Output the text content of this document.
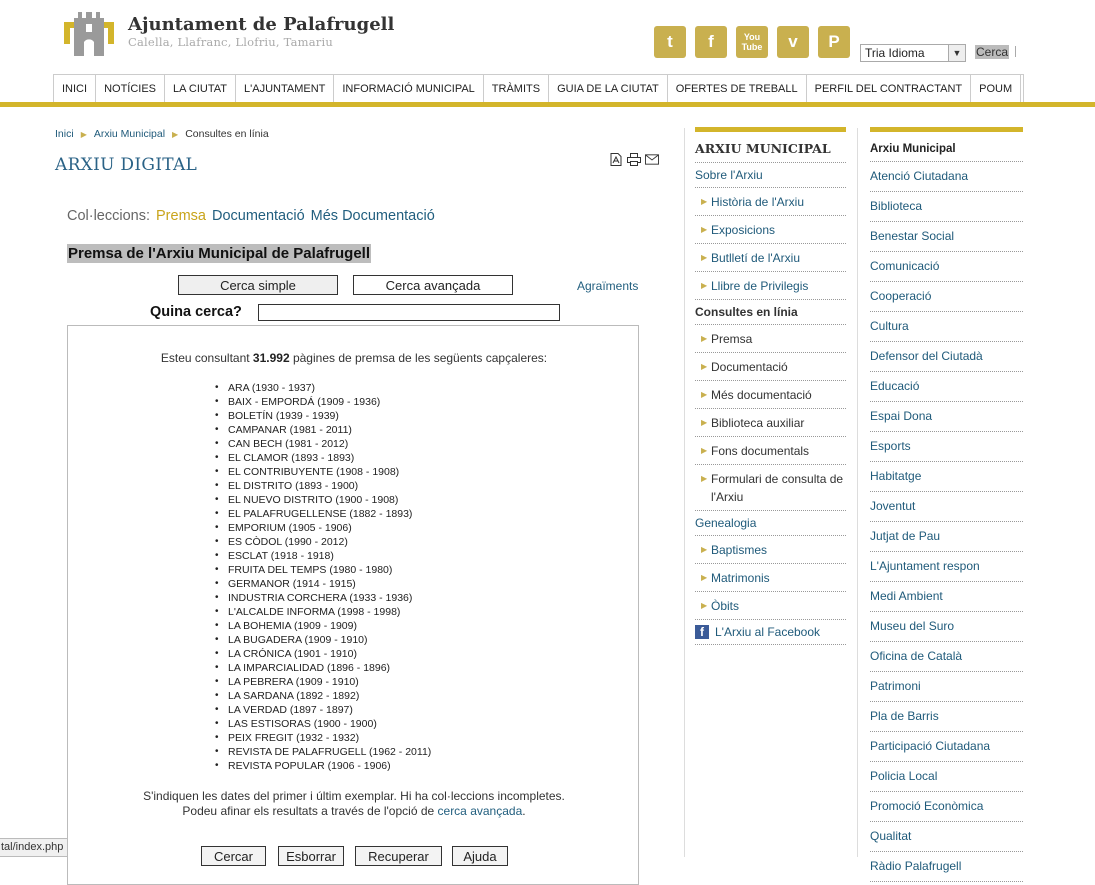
Ajuntament de Palafrugell
Calella, Llafranc, Llofriu, Tamariu	t	f	You Tube	v	P
Tria Idioma	▼ Cerca
INICI	NOTÍCIES	LA CIUTAT	L'AJUNTAMENT	INFORMACIÓ MUNICIPAL	TRÀMITS	GUIA DE LA CIUTAT	OFERTES DE TREBALL	PERFIL DEL CONTRACTANT	POUM
Inici ▶ Arxiu Municipal ▶ Consultes en línia
ARXIU DIGITAL
Col·leccions: Premsa Documentació Més Documentació
Premsa de l'Arxiu Municipal de Palafrugell
Cerca simple	Cerca avançada	Agraïments
Quina cerca?
Esteu consultant 31.992 pàgines de premsa de les següents capçaleres:
• ARA (1930 - 1937)
• BAIX - EMPORDÁ (1909 - 1936)
• BOLETÍN (1939 - 1939)
• CAMPANAR (1981 - 2011)
• CAN BECH (1981 - 2012)
• EL CLAMOR (1893 - 1893)
• EL CONTRIBUYENTE (1908 - 1908)
• EL DISTRITO (1893 - 1900)
• EL NUEVO DISTRITO (1900 - 1908)
• EL PALAFRUGELLENSE (1882 - 1893)
• EMPORIUM (1905 - 1906)
• ES CÒDOL (1990 - 2012)
• ESCLAT (1918 - 1918)
• FRUITA DEL TEMPS (1980 - 1980)
• GERMANOR (1914 - 1915)
• INDUSTRIA CORCHERA (1933 - 1936)
• L'ALCALDE INFORMA (1998 - 1998)
• LA BOHEMIA (1909 - 1909)
• LA BUGADERA (1909 - 1910)
• LA CRÓNICA (1901 - 1910)
• LA IMPARCIALIDAD (1896 - 1896)
• LA PEBRERA (1909 - 1910)
• LA SARDANA (1892 - 1892)
• LA VERDAD (1897 - 1897)
• LAS ESTISORAS (1900 - 1900)
• PEIX FREGIT (1932 - 1932)
• REVISTA DE PALAFRUGELL (1962 - 2011)
• REVISTA POPULAR (1906 - 1906)
S'indiquen les dates del primer i últim exemplar. Hi ha col·leccions incompletes.
Podeu afinar els resultats a través de l'opció de cerca avançada.
Cercar	Esborrar	Recuperar	Ajuda
ARXIU MUNICIPAL
Sobre l'Arxiu
▶ Història de l'Arxiu
▶ Exposicions
▶ Butlletí de l'Arxiu
▶ Llibre de Privilegis
Consultes en línia
▶ Premsa
▶ Documentació
▶ Més documentació
▶ Biblioteca auxiliar
▶ Fons documentals
▶ Formulari de consulta de l'Arxiu
Genealogia
▶ Baptismes
▶ Matrimonis
▶ Òbits
f L'Arxiu al Facebook
Arxiu Municipal
Atenció Ciutadana
Biblioteca
Benestar Social
Comunicació
Cooperació
Cultura
Defensor del Ciutadà
Educació
Espai Dona
Esports
Habitatge
Joventut
Jutjat de Pau
L'Ajuntament respon
Medi Ambient
Museu del Suro
Oficina de Català
Patrimoni
Pla de Barris
Participació Ciutadana
Policia Local
Promoció Econòmica
Qualitat
Ràdio Palafrugell
tal/index.php
